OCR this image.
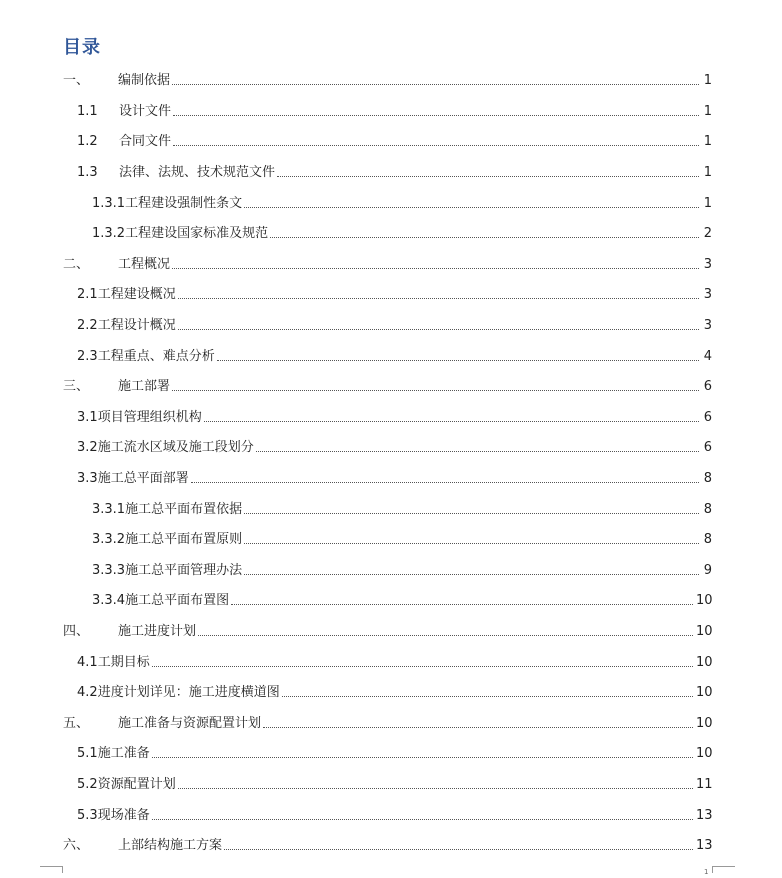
目录
一、	编制依据	1
1.1	设计文件	1
1.2	合同文件	1
1.3	法律、法规、技术规范文件	1
1.3.1 工程建设强制性条文	1
1.3.2 工程建设国家标准及规范	2
二、	工程概况	3
2.1 工程建设概况	3
2.2 工程设计概况	3
2.3 工程重点、难点分析	4
三、	施工部署	6
3.1 项目管理组织机构	6
3.2 施工流水区域及施工段划分	6
3.3 施工总平面部署	8
3.3.1 施工总平面布置依据	8
3.3.2 施工总平面布置原则	8
3.3.3 施工总平面管理办法	9
3.3.4 施工总平面布置图	10
四、	施工进度计划	10
4.1 工期目标	10
4.2 进度计划详见：施工进度横道图	10
五、	施工准备与资源配置计划	10
5.1 施工准备	10
5.2 资源配置计划	11
5.3 现场准备	13
六、	上部结构施工方案	13
1
